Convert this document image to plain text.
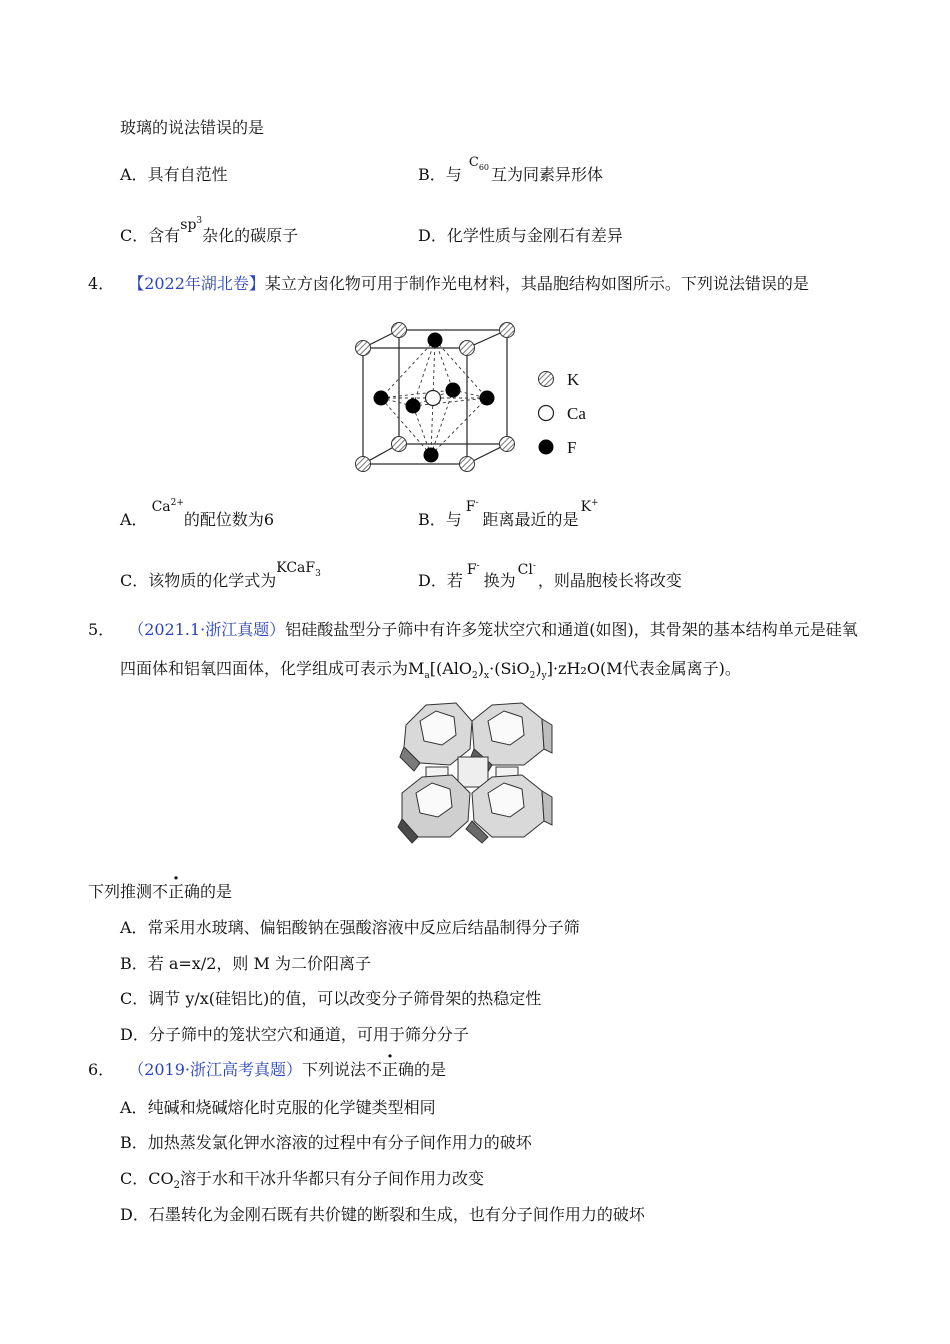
玻璃的说法错误的是
A．具有自范性	B．与 $^{C_{60}}$ 互为同素异形体
C．含有$sp^3$杂化的碳原子	D．化学性质与金刚石有差异
4． 【2022年湖北卷】某立方卤化物可用于制作光电材料，其晶胞结构如图所示。下列说法错误的是
K
Ca
F
A．$Ca^{2+}$的配位数为6	B．与F-距离最近的是K+
C．该物质的化学式为KCaF$_3$	D．若F-换为Cl-，则晶胞棱长将改变
5． （2021.1·浙江真题）铝硅酸盐型分子筛中有许多笼状空穴和通道(如图)，其骨架的基本结构单元是硅氧
四面体和铝氧四面体，化学组成可表示为$M_a[(AlO_2)_x\cdot(SiO_2)_y]\cdot zH_2O(M$代表金属离子)。
下列推测不正确的是
A．常采用水玻璃、偏铝酸钠在强酸溶液中反应后结晶制得分子筛
B．若 a=x/2，则 M 为二价阳离子
C．调节 y/x(硅铝比)的值，可以改变分子筛骨架的热稳定性
D．分子筛中的笼状空穴和通道，可用于筛分分子
6． （2019·浙江高考真题）下列说法不正确的是
A．纯碱和烧碱熔化时克服的化学键类型相同
B．加热蒸发氯化钾水溶液的过程中有分子间作用力的破坏
C．$CO_2$溶于水和干冰升华都只有分子间作用力改变
D．石墨转化为金刚石既有共价键的断裂和生成，也有分子间作用力的破坏
